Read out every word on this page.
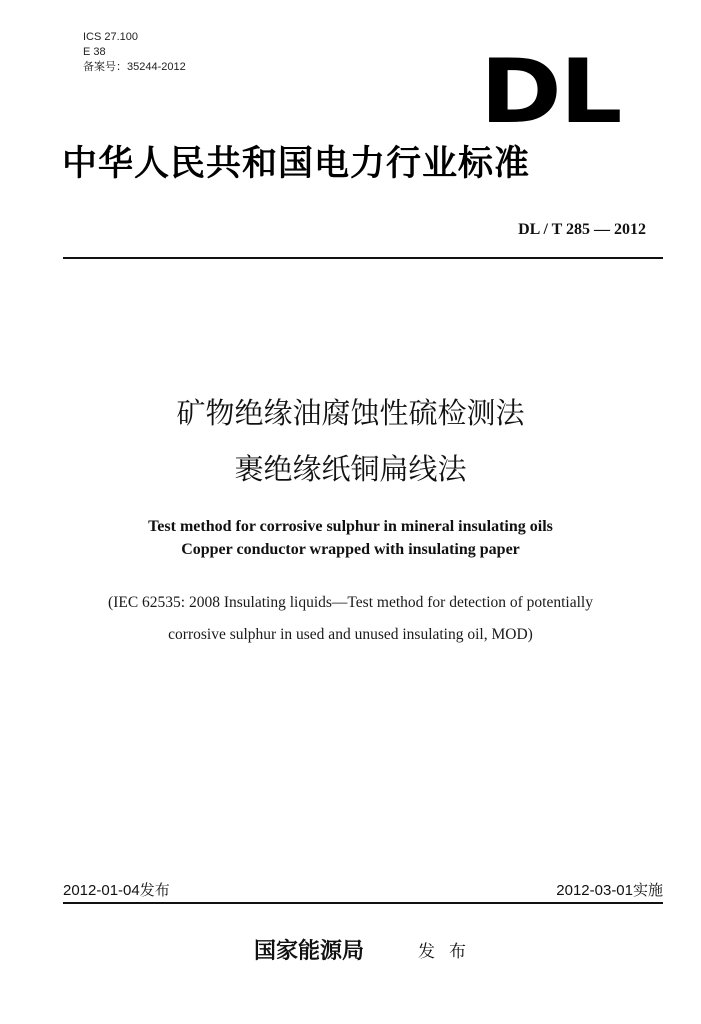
ICS 27.100
E 38
备案号：35244-2012	DL
中华人民共和国电力行业标准
DL / T 285 — 2012
矿物绝缘油腐蚀性硫检测法
裹绝缘纸铜扁线法
Test method for corrosive sulphur in mineral insulating oils
Copper conductor wrapped with insulating paper
(IEC 62535: 2008 Insulating liquids—Test method for detection of potentially
corrosive sulphur in used and unused insulating oil, MOD)
2012-01-04发布	2012-03-01实施
国家能源局	发布
